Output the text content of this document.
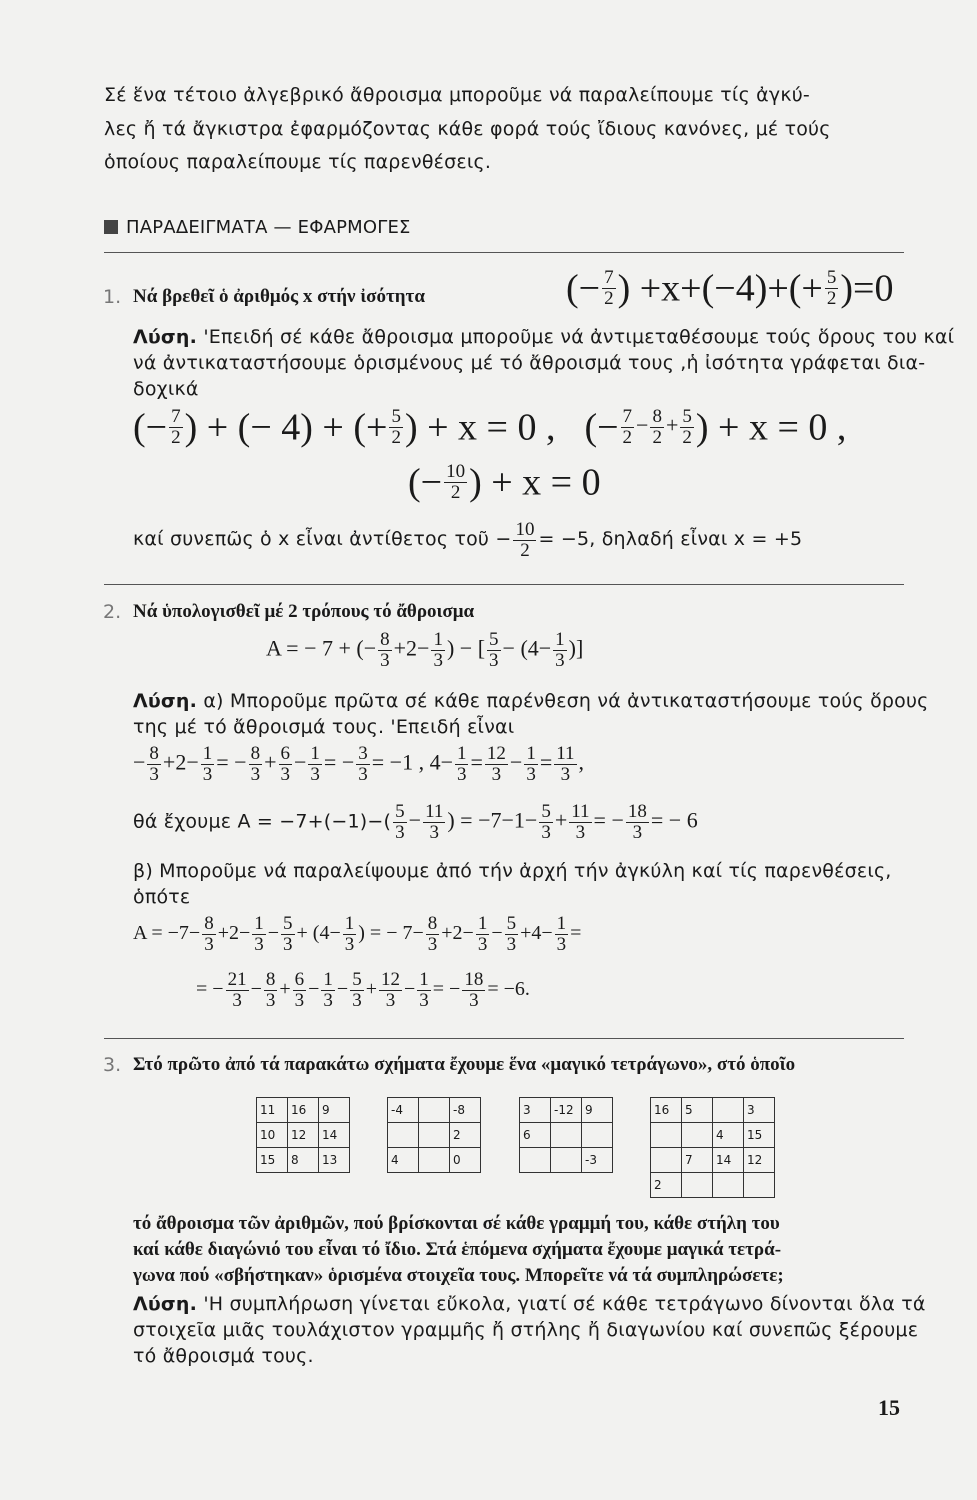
Σέ ἕνα τέτοιο ἀλγεβρικό ἄθροισμα μποροῦμε νά παραλείπουμε τίς ἀγκύ-
λες ἤ τά ἄγκιστρα ἐφαρμόζοντας κάθε φορά τούς ἴδιους κανόνες, μέ τούς
ὁποίους παραλείπουμε τίς παρενθέσεις.
ΠΑΡΑΔΕΙΓΜΑΤΑ — ΕΦΑΡΜΟΓΕΣ
1. Νά βρεθεῖ ὁ ἀριθμός x στήν ἰσότητα	(− $\frac{7}{2}$ ) $+x+(-4)+(+ \frac{5}{2} )=0$
Λύση. 'Επειδή σέ κάθε ἄθροισμα μποροῦμε νά ἀντιμεταθέσουμε τούς ὅρους του καί
νά ἀντικαταστήσουμε ὁρισμένους μέ τό ἄθροισμά τους ,ἡ ἰσότητα γράφεται δια-
δοχικά
(− $\frac{7}{2}$ ) + (− 4) + (+ $\frac{5}{2}$ ) + x = 0 , (− $\frac{7}{2} - \frac{8}{2} + \frac{5}{2}$ ) + x = 0 ,
(− $\frac{10}{2}$ ) + x = 0
καί συνεπῶς ὁ x εἶναι ἀντίθετος τοῦ − $\frac{10}{2} = -5$, δηλαδή εἶναι x = +5
2. Νά ὑπολογισθεῖ μέ 2 τρόπους τό ἄθροισμα
A = − 7 + (− $\frac{8}{3} +2- \frac{1}{3}$ ) − [ $\frac{5}{3} - (4- \frac{1}{3}$ )]
Λύση. α) Μποροῦμε πρῶτα σέ κάθε παρένθεση νά ἀντικαταστήσουμε τούς ὅρους
της μέ τό ἄθροισμά τους. 'Επειδή εἶναι
− $\frac{8}{3} +2- \frac{1}{3}$ = − $\frac{8}{3} + \frac{6}{3} - \frac{1}{3}$ = − $\frac{3}{3} = -1$ , $4- \frac{1}{3} = \frac{12}{3} - \frac{1}{3} = \frac{11}{3}$ ,
θά ἔχουμε $A = -7+(-1)-( \frac{5}{3} - \frac{11}{3}$ ) = $-7-1- \frac{5}{3} + \frac{11}{3}$ = − $\frac{18}{3}$ = − 6
β) Μποροῦμε νά παραλείψουμε ἀπό τήν ἀρχή τήν ἀγκύλη καί τίς παρενθέσεις,
ὁπότε
$A = -7- \frac{8}{3} +2- \frac{1}{3} - \frac{5}{3} + (4- \frac{1}{3}$ ) = − $7- \frac{8}{3} +2- \frac{1}{3} - \frac{5}{3} +4- \frac{1}{3}$ =
= − $\frac{21}{3} - \frac{8}{3} + \frac{6}{3} - \frac{1}{3} - \frac{5}{3} + \frac{12}{3} - \frac{1}{3}$ = − $\frac{18}{3} = -6$.
3. Στό πρῶτο ἀπό τά παρακάτω σχήματα ἔχουμε ἕνα «μαγικό τετράγωνο», στό ὁποῖο
11	16	9
10	12	14
15	8	13
-4		-8
		2
4		0
3	-12	9
6		
		-3
16	5		3
		4	15
	7	14	12
2			
τό ἄθροισμα τῶν ἀριθμῶν, πού βρίσκονται σέ κάθε γραμμή του, κάθε στήλη του
καί κάθε διαγώνιό του εἶναι τό ἴδιο. Στά ἑπόμενα σχήματα ἔχουμε μαγικά τετρά-
γωνα πού «σβήστηκαν» ὁρισμένα στοιχεῖα τους. Μπορεῖτε νά τά συμπληρώσετε;
Λύση. 'Η συμπλήρωση γίνεται εὔκολα, γιατί σέ κάθε τετράγωνο δίνονται ὅλα τά
στοιχεῖα μιᾶς τουλάχιστον γραμμῆς ἤ στήλης ἤ διαγωνίου καί συνεπῶς ξέρουμε
τό ἄθροισμά τους.
15
